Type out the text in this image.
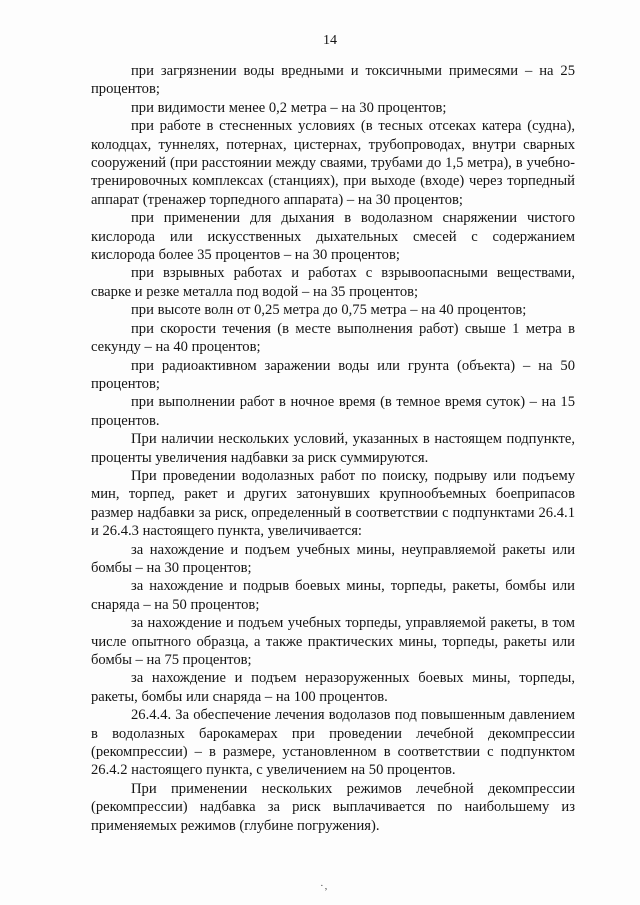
14

при загрязнении воды вредными и токсичными примесями – на 25 процентов;

при видимости менее 0,2 метра – на 30 процентов;

при работе в стесненных условиях (в тесных отсеках катера (судна), колодцах, туннелях, потернах, цистернах, трубопроводах, внутри сварных сооружений (при расстоянии между сваями, трубами до 1,5 метра), в учебно-тренировочных комплексах (станциях), при выходе (входе) через торпедный аппарат (тренажер торпедного аппарата) – на 30 процентов;

при применении для дыхания в водолазном снаряжении чистого кислорода или искусственных дыхательных смесей с содержанием кислорода более 35 процентов – на 30 процентов;

при взрывных работах и работах с взрывоопасными веществами, сварке и резке металла под водой – на 35 процентов;

при высоте волн от 0,25 метра до 0,75 метра – на 40 процентов;

при скорости течения (в месте выполнения работ) свыше 1 метра в секунду – на 40 процентов;

при радиоактивном заражении воды или грунта (объекта) – на 50 процентов;

при выполнении работ в ночное время (в темное время суток) – на 15 процентов.

При наличии нескольких условий, указанных в настоящем подпункте, проценты увеличения надбавки за риск суммируются.

При проведении водолазных работ по поиску, подрыву или подъему мин, торпед, ракет и других затонувших крупнообъемных боеприпасов размер надбавки за риск, определенный в соответствии с подпунктами 26.4.1 и 26.4.3 настоящего пункта, увеличивается:

за нахождение и подъем учебных мины, неуправляемой ракеты или бомбы – на 30 процентов;

за нахождение и подрыв боевых мины, торпеды, ракеты, бомбы или снаряда – на 50 процентов;

за нахождение и подъем учебных торпеды, управляемой ракеты, в том числе опытного образца, а также практических мины, торпеды, ракеты или бомбы – на 75 процентов;

за нахождение и подъем неразоруженных боевых мины, торпеды, ракеты, бомбы или снаряда – на 100 процентов.

26.4.4. За обеспечение лечения водолазов под повышенным давлением в водолазных барокамерах при проведении лечебной декомпрессии (рекомпрессии) – в размере, установленном в соответствии с подпунктом 26.4.2 настоящего пункта, с увеличением на 50 процентов.

При применении нескольких режимов лечебной декомпрессии (рекомпрессии) надбавка за риск выплачивается по наибольшему из применяемых режимов (глубине погружения).

·,
